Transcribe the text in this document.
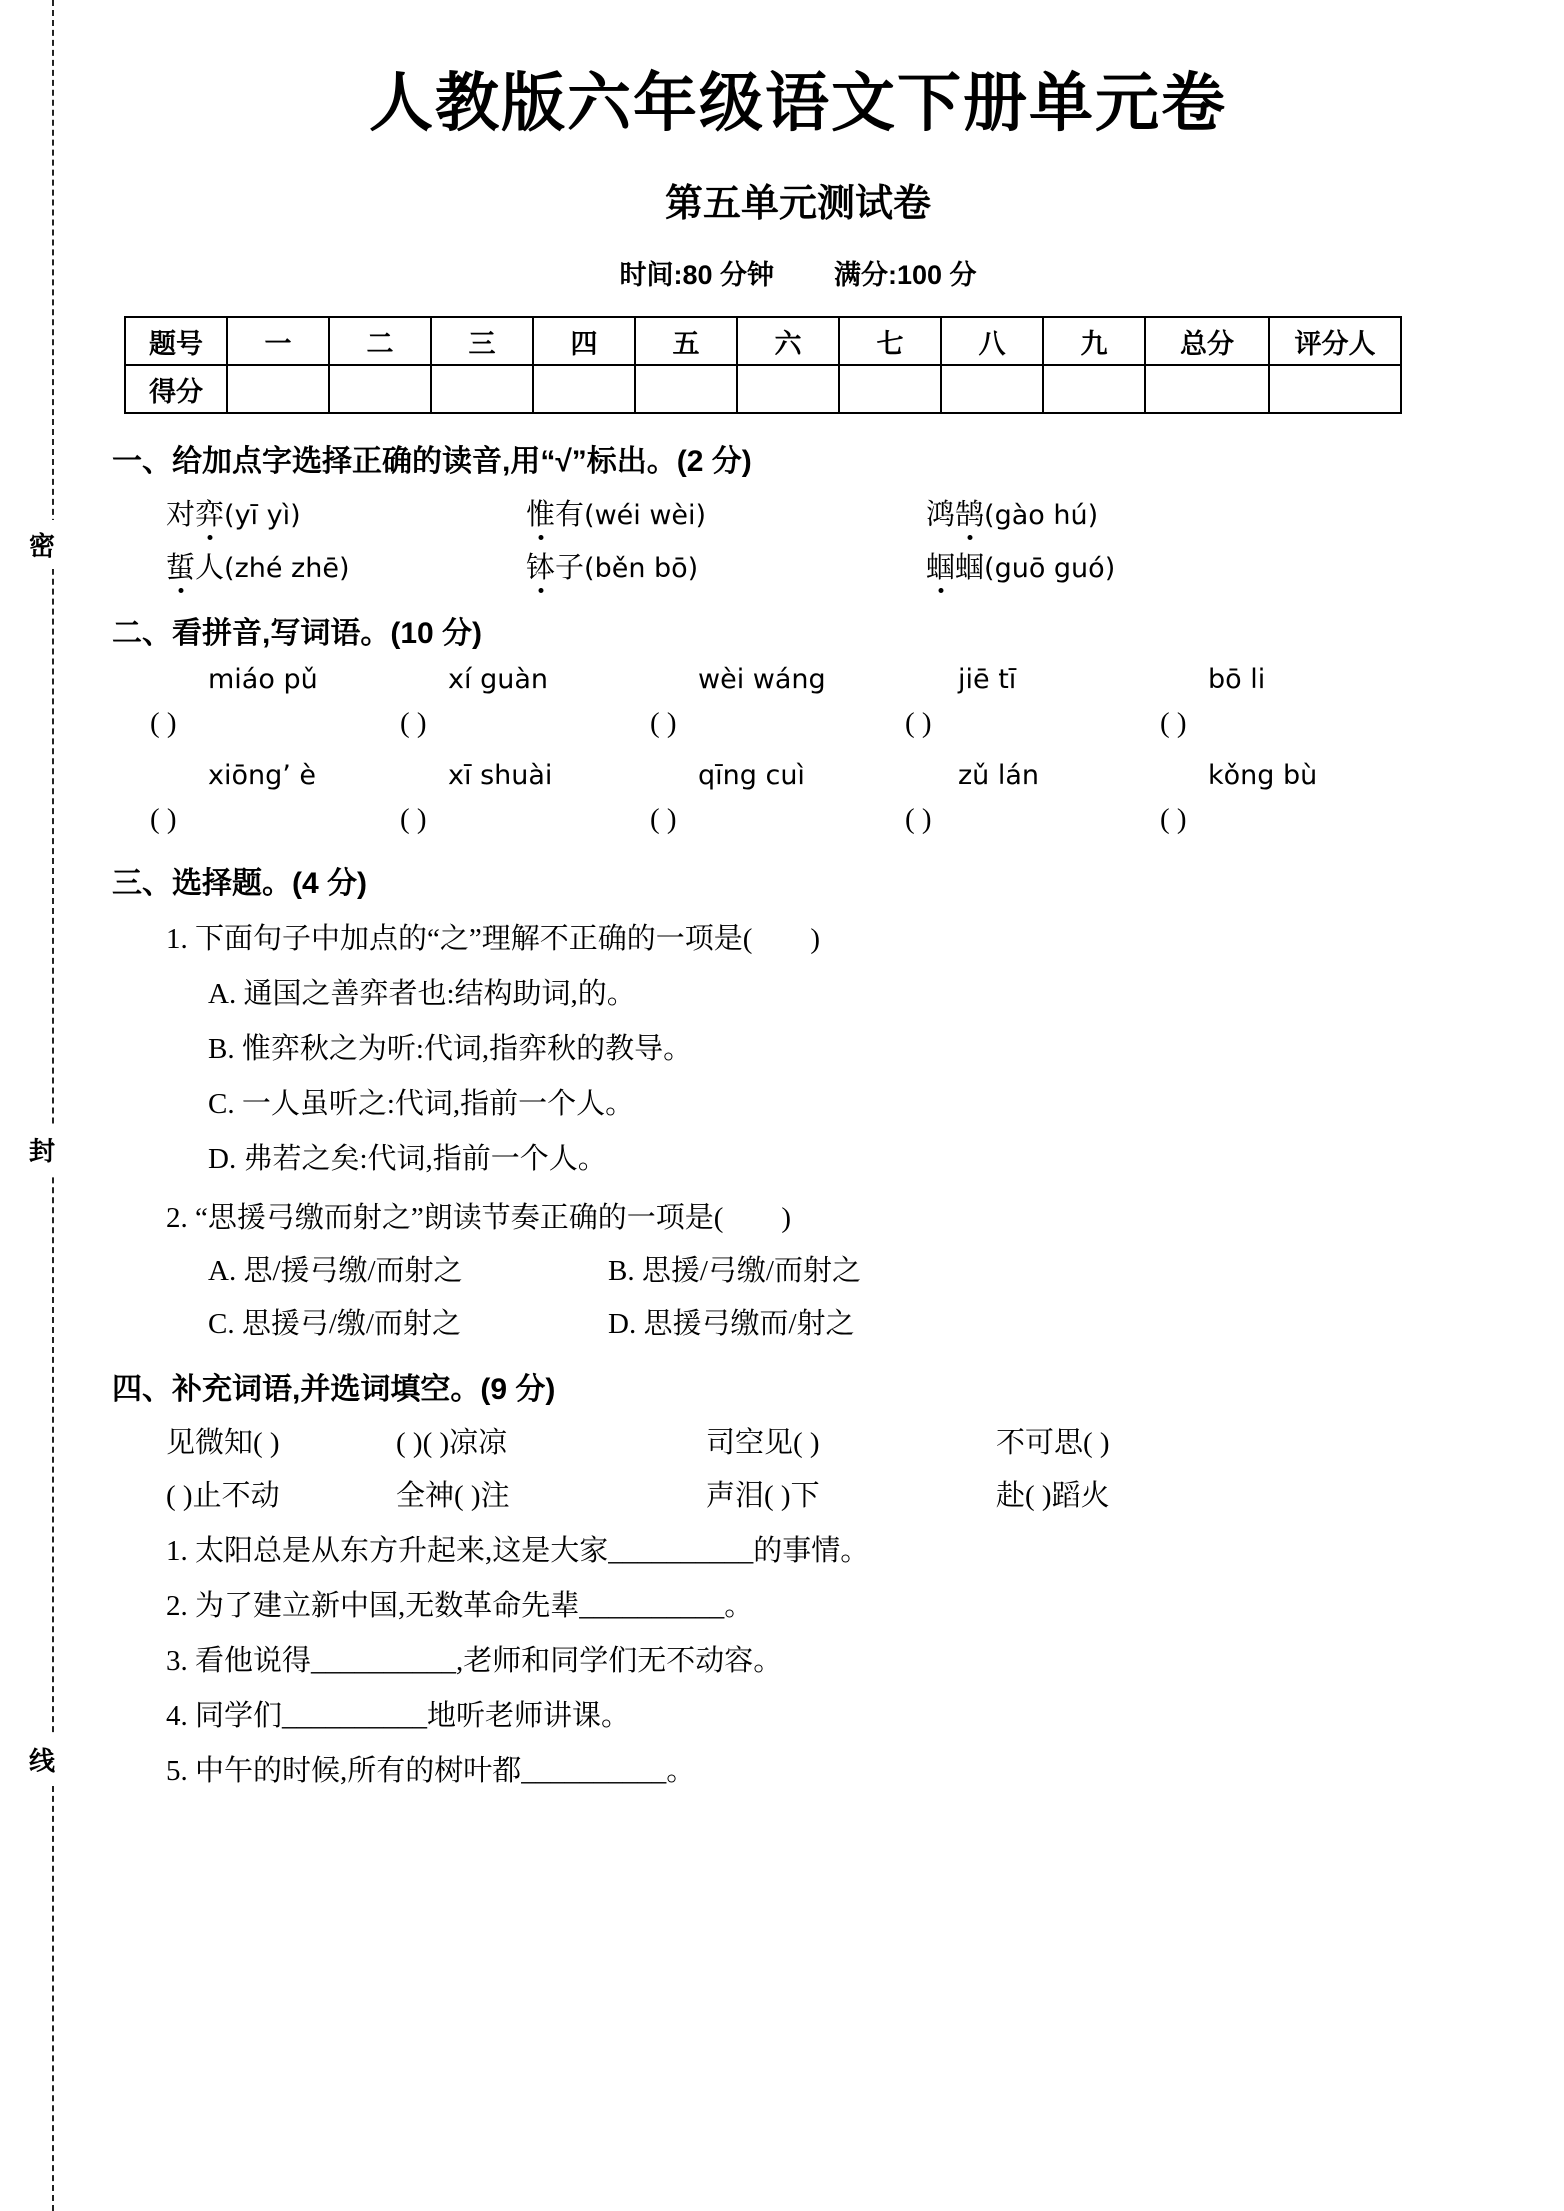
密
封
线
人教版六年级语文下册单元卷
第五单元测试卷
时间:80 分钟 满分:100 分
题号	一	二	三	四	五	六	七	八	九	总分	评分人
得分											
一、给加点字选择正确的读音,用“√”标出。(2 分)
对弈(yī yì)	惟有(wéi wèi)	鸿鹄(gào hú)
蜇人(zhé zhē)	钵子(běn bō)	蝈蝈(guō guó)
二、看拼音,写词语。(10 分)
miáo pǔ	xí guàn	wèi wáng	jiē tī	bō li
( )	( )	( )	( )	( )
xiōng’ è	xī shuài	qīng cuì	zǔ lán	kǒng bù
( )	( )	( )	( )	( )
三、选择题。(4 分)
1. 下面句子中加点的“之”理解不正确的一项是(        )
A. 通国之善弈者也:结构助词,的。
B. 惟弈秋之为听:代词,指弈秋的教导。
C. 一人虽听之:代词,指前一个人。
D. 弗若之矣:代词,指前一个人。
2. “思援弓缴而射之”朗读节奏正确的一项是(        )
A. 思/援弓缴/而射之	B. 思援/弓缴/而射之
C. 思援弓/缴/而射之	D. 思援弓缴而/射之
四、补充词语,并选词填空。(9 分)
见微知( )	( )( )凉凉	司空见( )	不可思( )
( )止不动	全神( )注	声泪( )下	赴( )蹈火
1. 太阳总是从东方升起来,这是大家__________的事情。
2. 为了建立新中国,无数革命先辈__________。
3. 看他说得__________,老师和同学们无不动容。
4. 同学们__________地听老师讲课。
5. 中午的时候,所有的树叶都__________。
